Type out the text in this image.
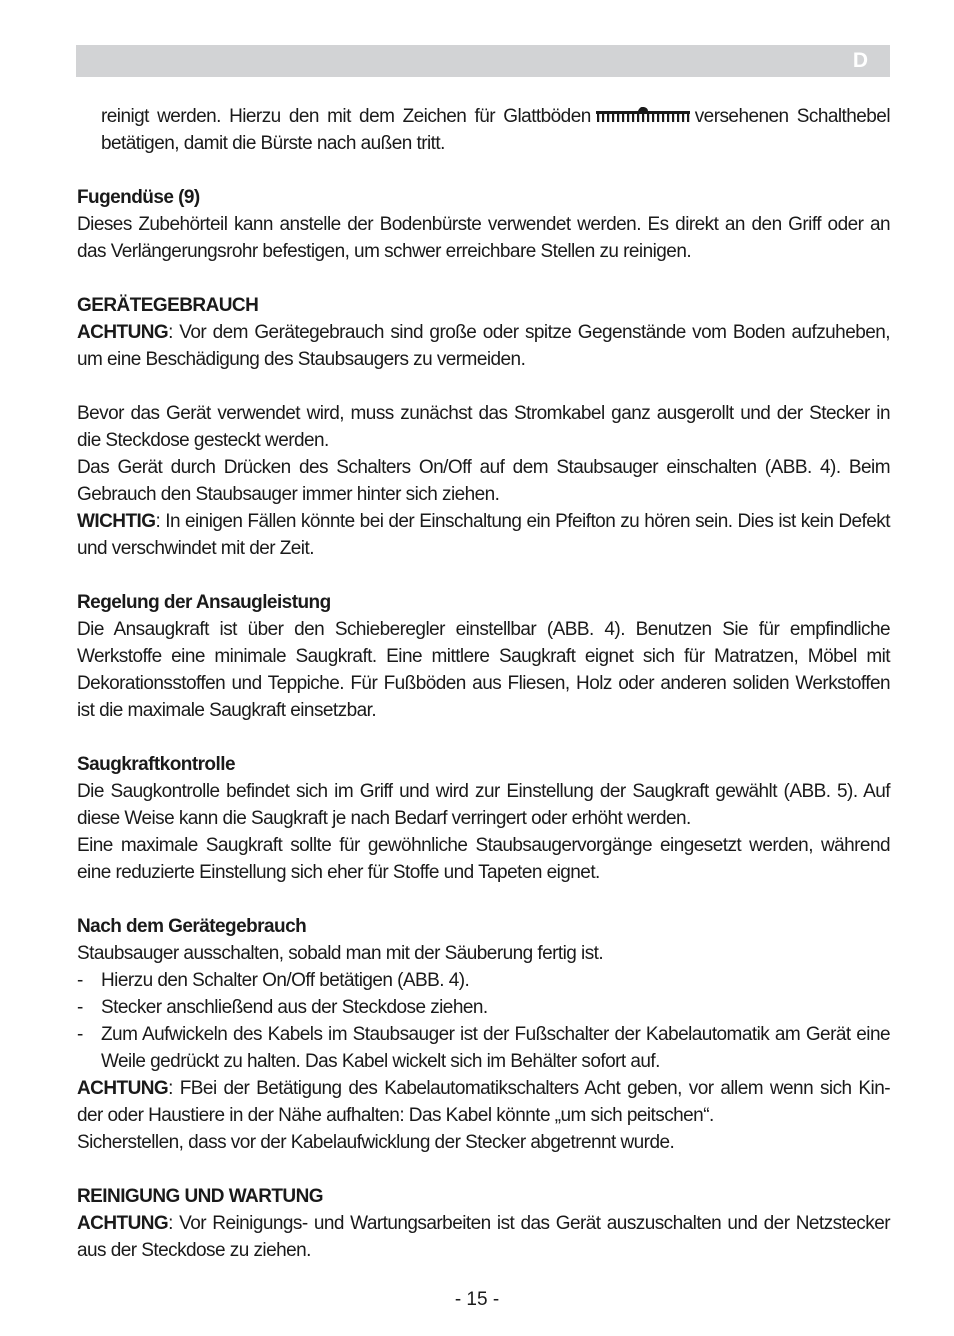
D

reinigt werden. Hierzu den mit dem Zeichen für Glattböden	versehenen Schalthebel betätigen, damit die Bürste nach außen tritt.

Fugendüse (9)

Dieses Zubehörteil kann anstelle der Bodenbürste verwendet werden. Es direkt an den Griff oder an das Verlängerungsrohr befestigen, um schwer erreichbare Stellen zu reinigen.

GERÄTEGEBRAUCH

ACHTUNG: Vor dem Gerätegebrauch sind große oder spitze Gegenstände vom Boden aufzuheben, um eine Beschädigung des Staubsaugers zu vermeiden.

Bevor das Gerät verwendet wird, muss zunächst das Stromkabel ganz ausgerollt und der Stecker in die Steckdose gesteckt werden.

Das Gerät durch Drücken des Schalters On/Off auf dem Staubsauger einschalten (ABB. 4). Beim Gebrauch den Staubsauger immer hinter sich ziehen.

WICHTIG: In einigen Fällen könnte bei der Einschaltung ein Pfeifton zu hören sein. Dies ist kein Defekt und verschwindet mit der Zeit.

Regelung der Ansaugleistung

Die Ansaugkraft ist über den Schieberegler einstellbar (ABB. 4). Benutzen Sie für empfindliche Werkstoffe eine minimale Saugkraft. Eine mittlere Saugkraft eignet sich für Matratzen, Möbel mit Dekorationsstoffen und Teppiche. Für Fußböden aus Fliesen, Holz oder anderen soliden Werkstoffen ist die maximale Saugkraft einsetzbar.

Saugkraftkontrolle

Die Saugkontrolle befindet sich im Griff und wird zur Einstellung der Saugkraft gewählt (ABB. 5). Auf diese Weise kann die Saugkraft je nach Bedarf verringert oder erhöht werden.

Eine maximale Saugkraft sollte für gewöhnliche Staubsaugervorgänge eingesetzt werden, während eine reduzierte Einstellung sich eher für Stoffe und Tapeten eignet.

Nach dem Gerätegebrauch

Staubsauger ausschalten, sobald man mit der Säuberung fertig ist.

- Hierzu den Schalter On/Off betätigen (ABB. 4).

- Stecker anschließend aus der Steckdose ziehen.

- Zum Aufwickeln des Kabels im Staubsauger ist der Fußschalter der Kabelautomatik am Gerät eine Weile gedrückt zu halten. Das Kabel wickelt sich im Behälter sofort auf.

ACHTUNG: FBei der Betätigung des Kabelautomatikschalters Acht geben, vor allem wenn sich Kin-der oder Haustiere in der Nähe aufhalten: Das Kabel könnte „um sich peitschen“.

Sicherstellen, dass vor der Kabelaufwicklung der Stecker abgetrennt wurde.

REINIGUNG UND WARTUNG

ACHTUNG: Vor Reinigungs- und Wartungsarbeiten ist das Gerät auszuschalten und der Netzstecker aus der Steckdose zu ziehen.

- 15 -
